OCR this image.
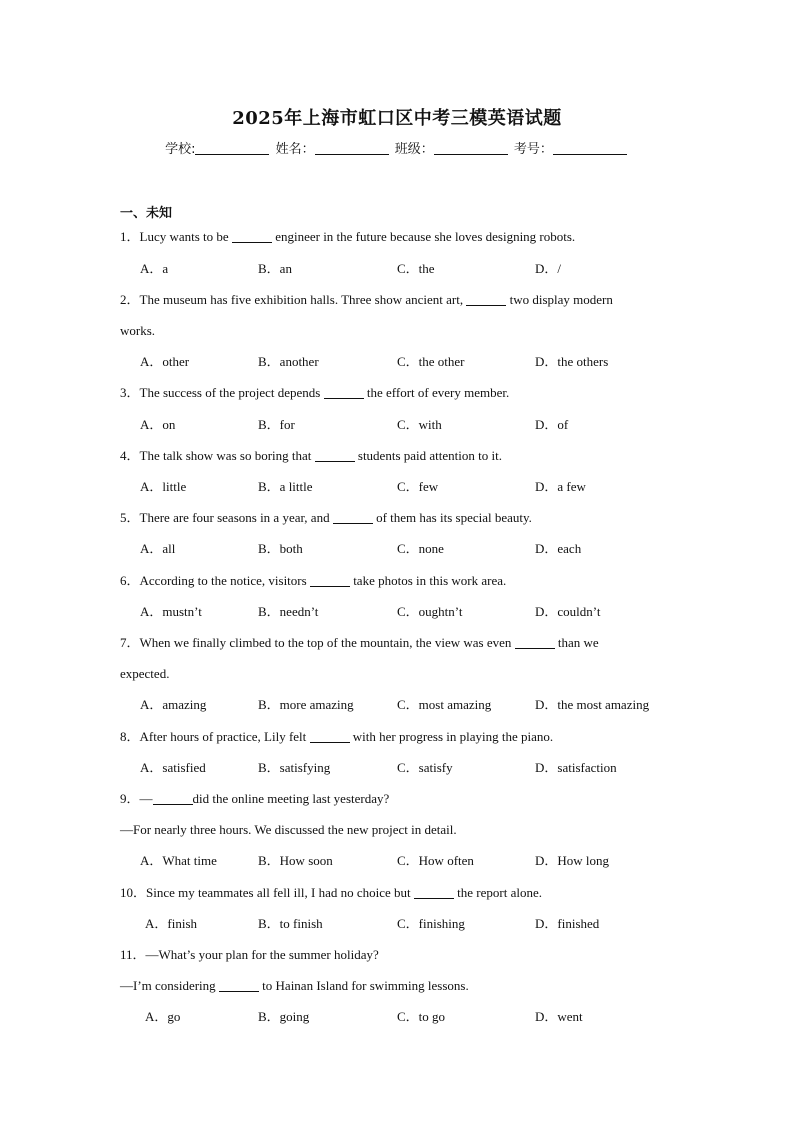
2025年上海市虹口区中考三模英语试题
学校:	姓名：	班级：	考号：
一、未知
1．Lucy wants to be	engineer in the future because she loves designing robots.
A．a	B．an	C．the	D．/
2．The museum has five exhibition halls. Three show ancient art,	two display modern
works.
A．other	B．another	C．the other	D．the others
3．The success of the project depends	the effort of every member.
A．on	B．for	C．with	D．of
4．The talk show was so boring that	students paid attention to it.
A．little	B．a little	C．few	D．a few
5．There are four seasons in a year, and	of them has its special beauty.
A．all	B．both	C．none	D．each
6．According to the notice, visitors	take photos in this work area.
A．mustn’t	B．needn’t	C．oughtn’t	D．couldn’t
7．When we finally climbed to the top of the mountain, the view was even	than we
expected.
A．amazing	B．more amazing	C．most amazing	D．the most amazing
8．After hours of practice, Lily felt	with her progress in playing the piano.
A．satisfied	B．satisfying	C．satisfy	D．satisfaction
9．—	did the online meeting last yesterday?
—For nearly three hours. We discussed the new project in detail.
A．What time	B．How soon	C．How often	D．How long
10．Since my teammates all fell ill, I had no choice but	the report alone.
A．finish	B．to finish	C．finishing	D．finished
11．—What’s your plan for the summer holiday?
—I’m considering	to Hainan Island for swimming lessons.
A．go	B．going	C．to go	D．went
